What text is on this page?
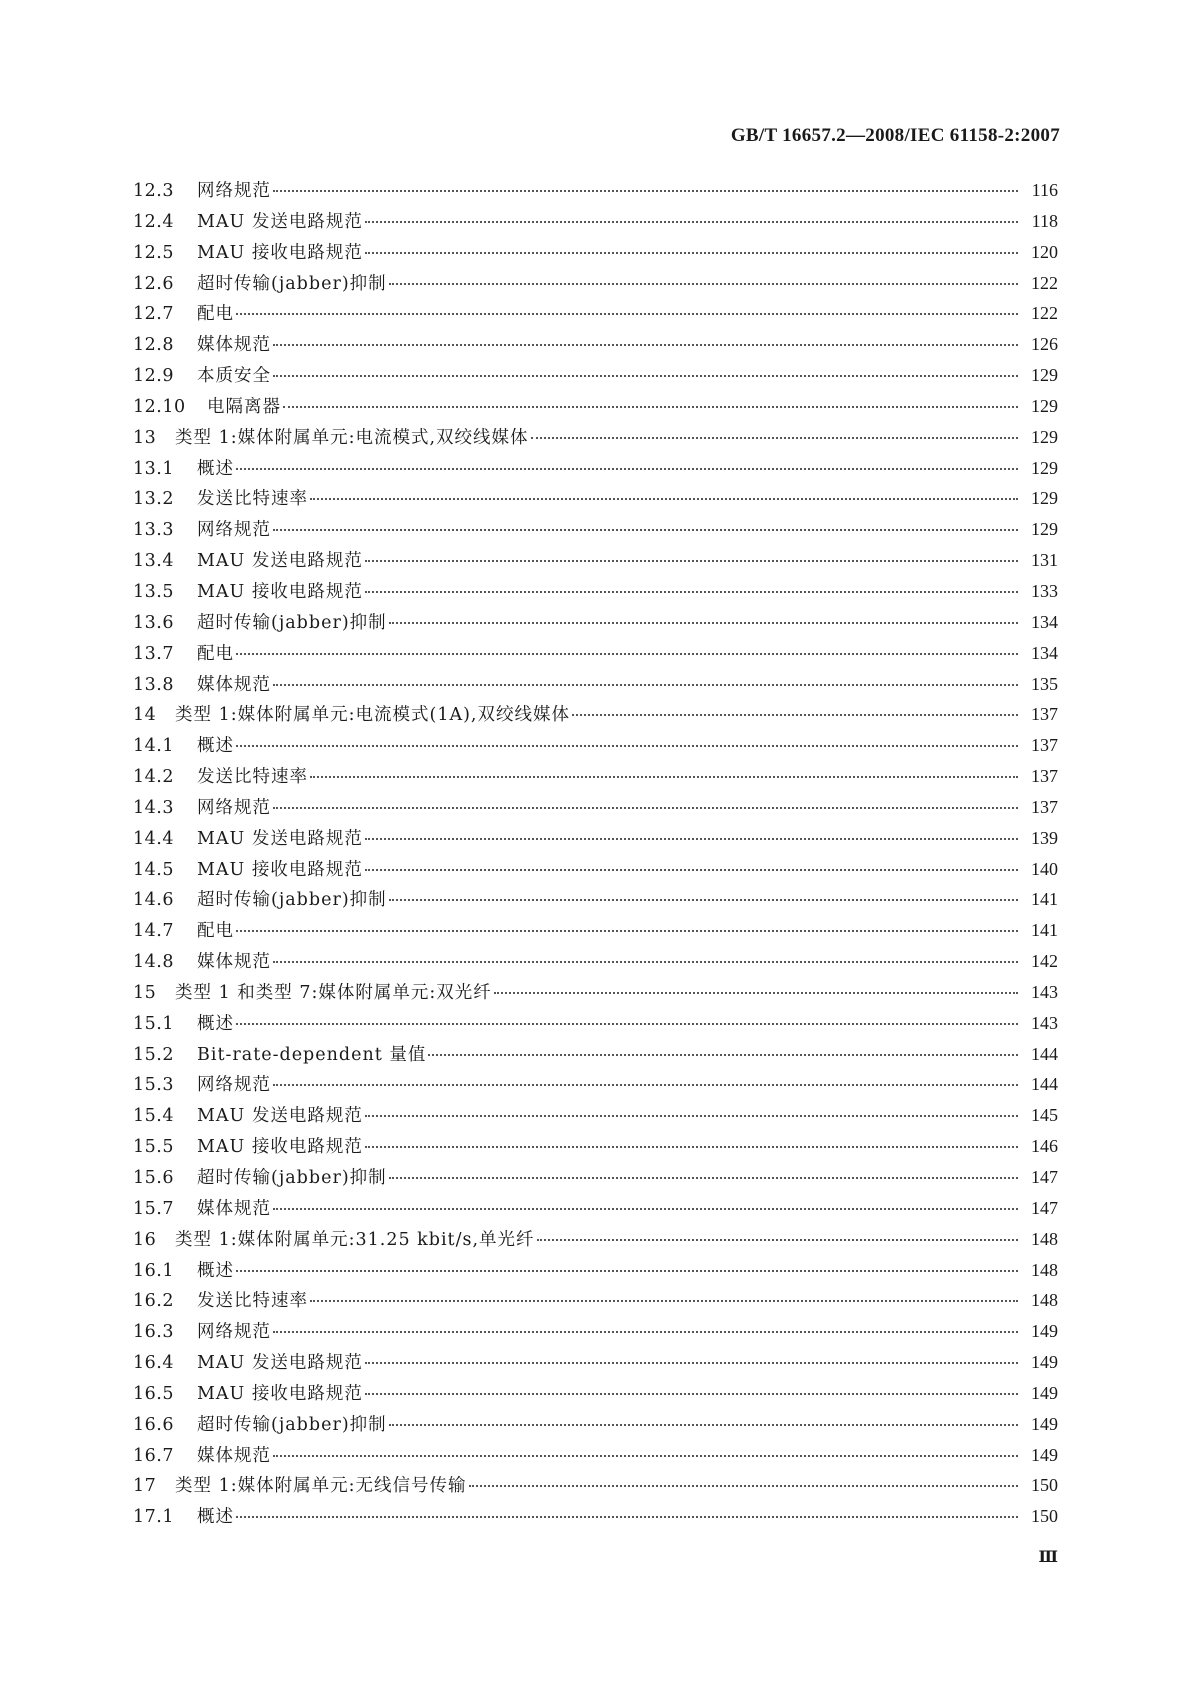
GB/T 16657.2—2008/IEC 61158-2:2007
12.3	网络规范	116
12.4	MAU 发送电路规范	118
12.5	MAU 接收电路规范	120
12.6	超时传输(jabber)抑制	122
12.7	配电	122
12.8	媒体规范	126
12.9	本质安全	129
12.10	电隔离器	129
13	类型 1:媒体附属单元:电流模式,双绞线媒体	129
13.1	概述	129
13.2	发送比特速率	129
13.3	网络规范	129
13.4	MAU 发送电路规范	131
13.5	MAU 接收电路规范	133
13.6	超时传输(jabber)抑制	134
13.7	配电	134
13.8	媒体规范	135
14	类型 1:媒体附属单元:电流模式(1A),双绞线媒体	137
14.1	概述	137
14.2	发送比特速率	137
14.3	网络规范	137
14.4	MAU 发送电路规范	139
14.5	MAU 接收电路规范	140
14.6	超时传输(jabber)抑制	141
14.7	配电	141
14.8	媒体规范	142
15	类型 1 和类型 7:媒体附属单元:双光纤	143
15.1	概述	143
15.2	Bit-rate-dependent 量值	144
15.3	网络规范	144
15.4	MAU 发送电路规范	145
15.5	MAU 接收电路规范	146
15.6	超时传输(jabber)抑制	147
15.7	媒体规范	147
16	类型 1:媒体附属单元:31.25 kbit/s,单光纤	148
16.1	概述	148
16.2	发送比特速率	148
16.3	网络规范	149
16.4	MAU 发送电路规范	149
16.5	MAU 接收电路规范	149
16.6	超时传输(jabber)抑制	149
16.7	媒体规范	149
17	类型 1:媒体附属单元:无线信号传输	150
17.1	概述	150
Ⅲ
